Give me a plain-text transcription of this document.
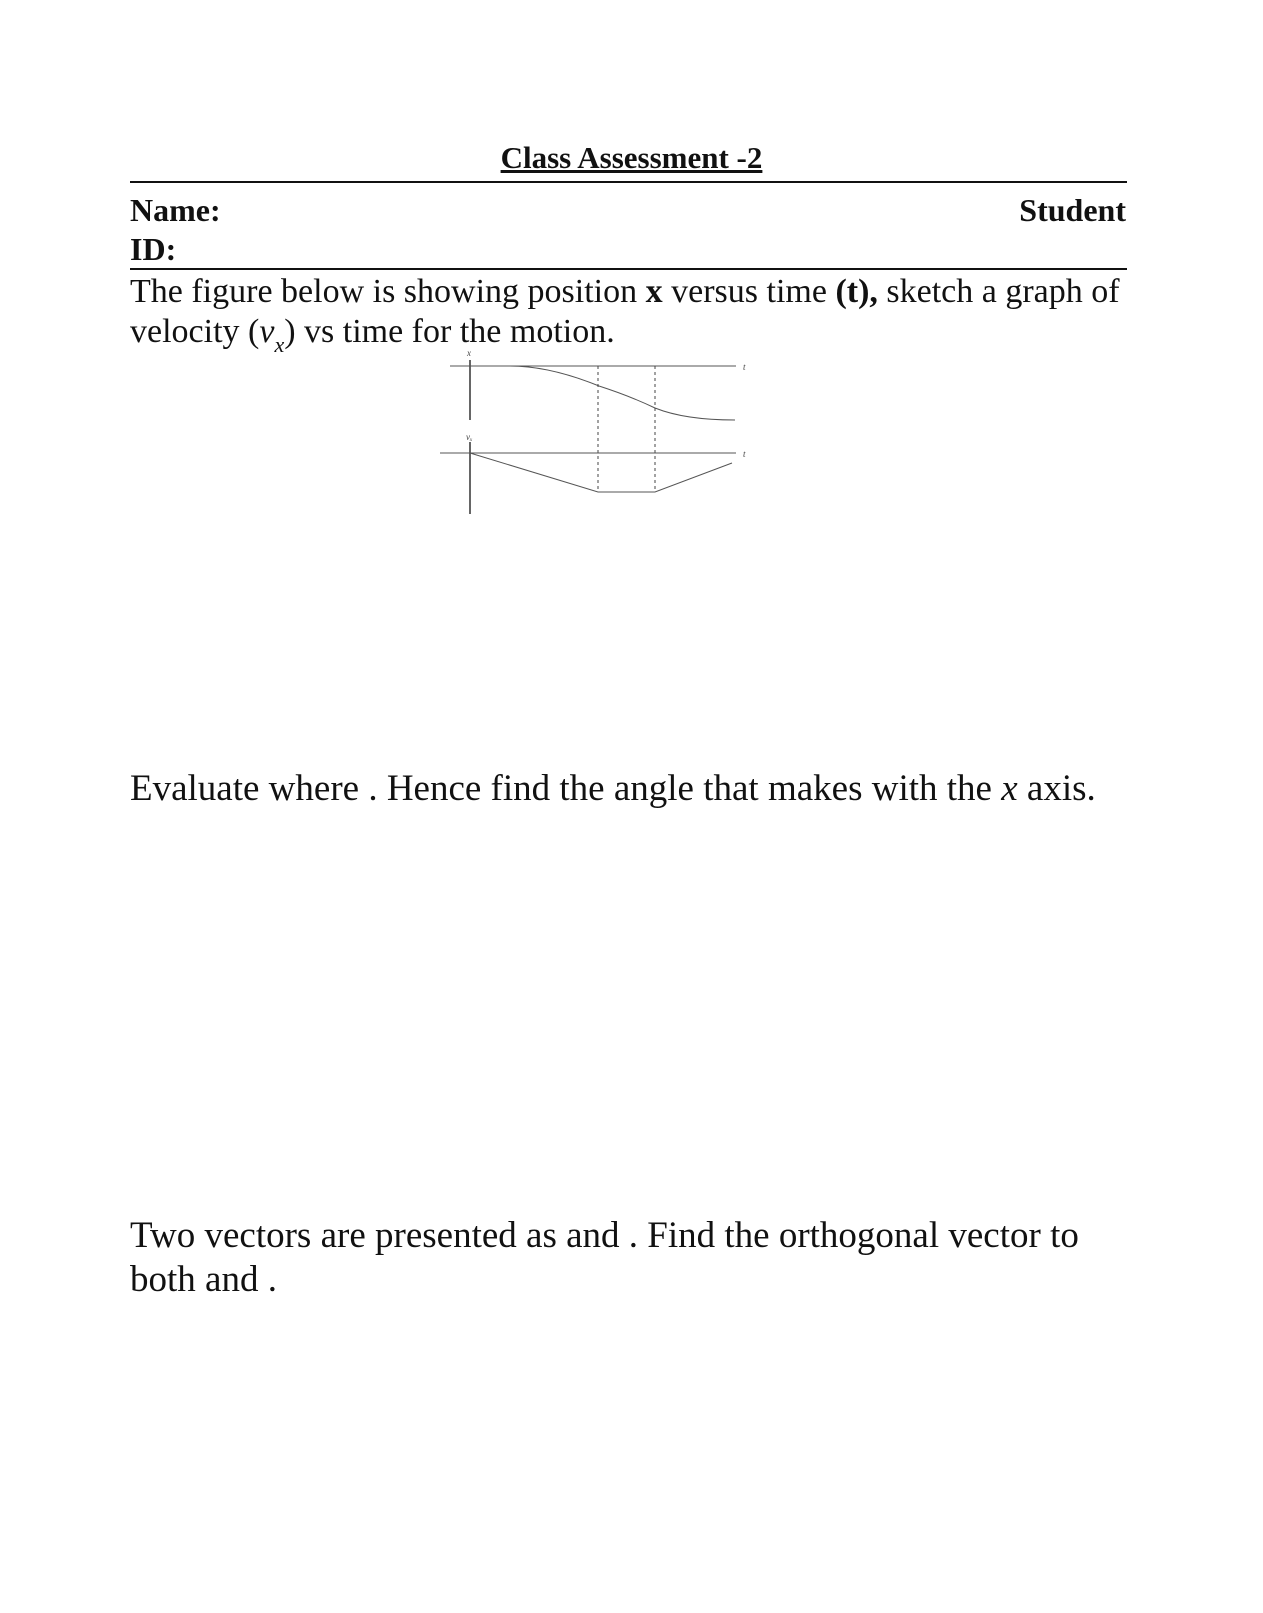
Class Assessment -2
Name:	Student
ID:
The figure below is showing position x versus time (t), sketch a graph of velocity $(v_x)$ vs time for the motion.
x
t
vₓ
t
Evaluate where . Hence find the angle that makes with the x axis.
Two vectors are presented as and . Find the orthogonal vector to both and .
